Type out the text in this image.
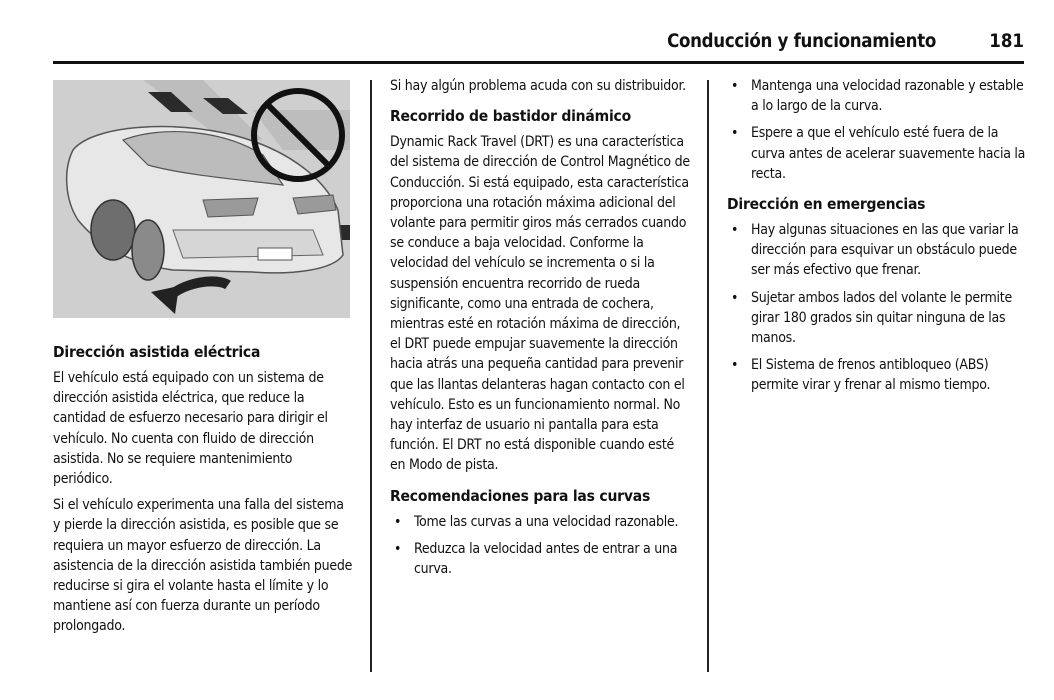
Conducción y funcionamiento	181
Dirección asistida eléctrica

El vehículo está equipado con un sistema de dirección asistida eléctrica, que reduce la cantidad de esfuerzo necesario para dirigir el vehículo. No cuenta con fluido de dirección asistida. No se requiere mantenimiento periódico.

Si el vehículo experimenta una falla del sistema y pierde la dirección asistida, es posible que se requiera un mayor esfuerzo de dirección. La asistencia de la dirección asistida también puede reducirse si gira el volante hasta el límite y lo mantiene así con fuerza durante un período prolongado.

Si hay algún problema acuda con su distribuidor.

Recorrido de bastidor dinámico

Dynamic Rack Travel (DRT) es una característica del sistema de dirección de Control Magnético de Conducción. Si está equipado, esta característica proporciona una rotación máxima adicional del volante para permitir giros más cerrados cuando se conduce a baja velocidad. Conforme la velocidad del vehículo se incrementa o si la suspensión encuentra recorrido de rueda significante, como una entrada de cochera, mientras esté en rotación máxima de dirección, el DRT puede empujar suavemente la dirección hacia atrás una pequeña cantidad para prevenir que las llantas delanteras hagan contacto con el vehículo. Esto es un funcionamiento normal. No hay interfaz de usuario ni pantalla para esta función. El DRT no está disponible cuando esté en Modo de pista.

Recomendaciones para las curvas
• Tome las curvas a una velocidad razonable.
• Reduzca la velocidad antes de entrar a una curva.
• Mantenga una velocidad razonable y estable a lo largo de la curva.
• Espere a que el vehículo esté fuera de la curva antes de acelerar suavemente hacia la recta.
Dirección en emergencias
• Hay algunas situaciones en las que variar la dirección para esquivar un obstáculo puede ser más efectivo que frenar.
• Sujetar ambos lados del volante le permite girar 180 grados sin quitar ninguna de las manos.
• El Sistema de frenos antibloqueo (ABS) permite virar y frenar al mismo tiempo.
